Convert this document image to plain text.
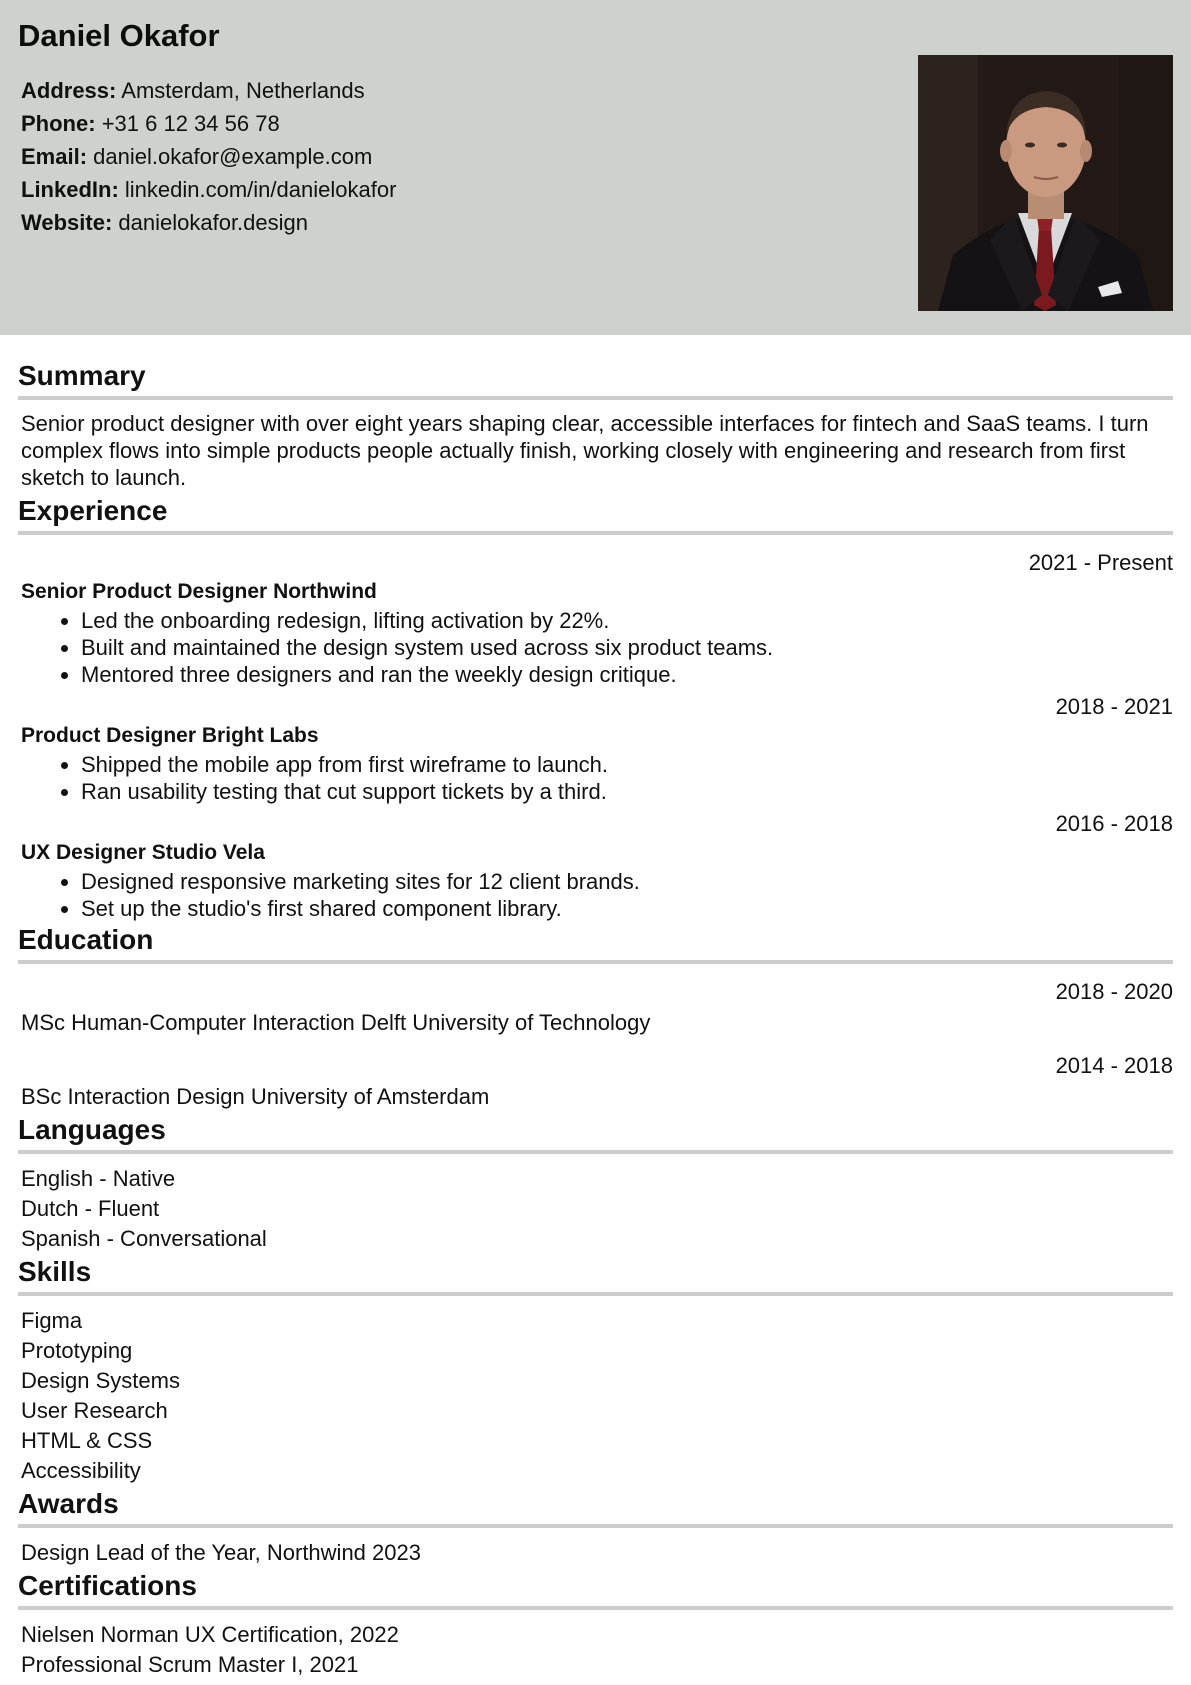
Daniel Okafor
Address: Amsterdam, Netherlands
Phone: +31 6 12 34 56 78
Email: daniel.okafor@example.com
LinkedIn: linkedin.com/in/danielokafor
Website: danielokafor.design
Summary

Senior product designer with over eight years shaping clear, accessible interfaces for fintech and SaaS teams. I turn complex flows into simple products people actually finish, working closely with engineering and research from first sketch to launch.

Experience

2021 - Present

Senior Product Designer Northwind

• Led the onboarding redesign, lifting activation by 22%.
• Built and maintained the design system used across six product teams.
• Mentored three designers and ran the weekly design critique.

2018 - 2021

Product Designer Bright Labs

• Shipped the mobile app from first wireframe to launch.
• Ran usability testing that cut support tickets by a third.

2016 - 2018

UX Designer Studio Vela

• Designed responsive marketing sites for 12 client brands.
• Set up the studio's first shared component library.
Education

2018 - 2020

MSc Human-Computer Interaction Delft University of Technology

2014 - 2018

BSc Interaction Design University of Amsterdam

Languages
English - Native
Dutch - Fluent
Spanish - Conversational
Skills
Figma
Prototyping
Design Systems
User Research
HTML & CSS
Accessibility
Awards
Design Lead of the Year, Northwind 2023
Certifications
Nielsen Norman UX Certification, 2022
Professional Scrum Master I, 2021
